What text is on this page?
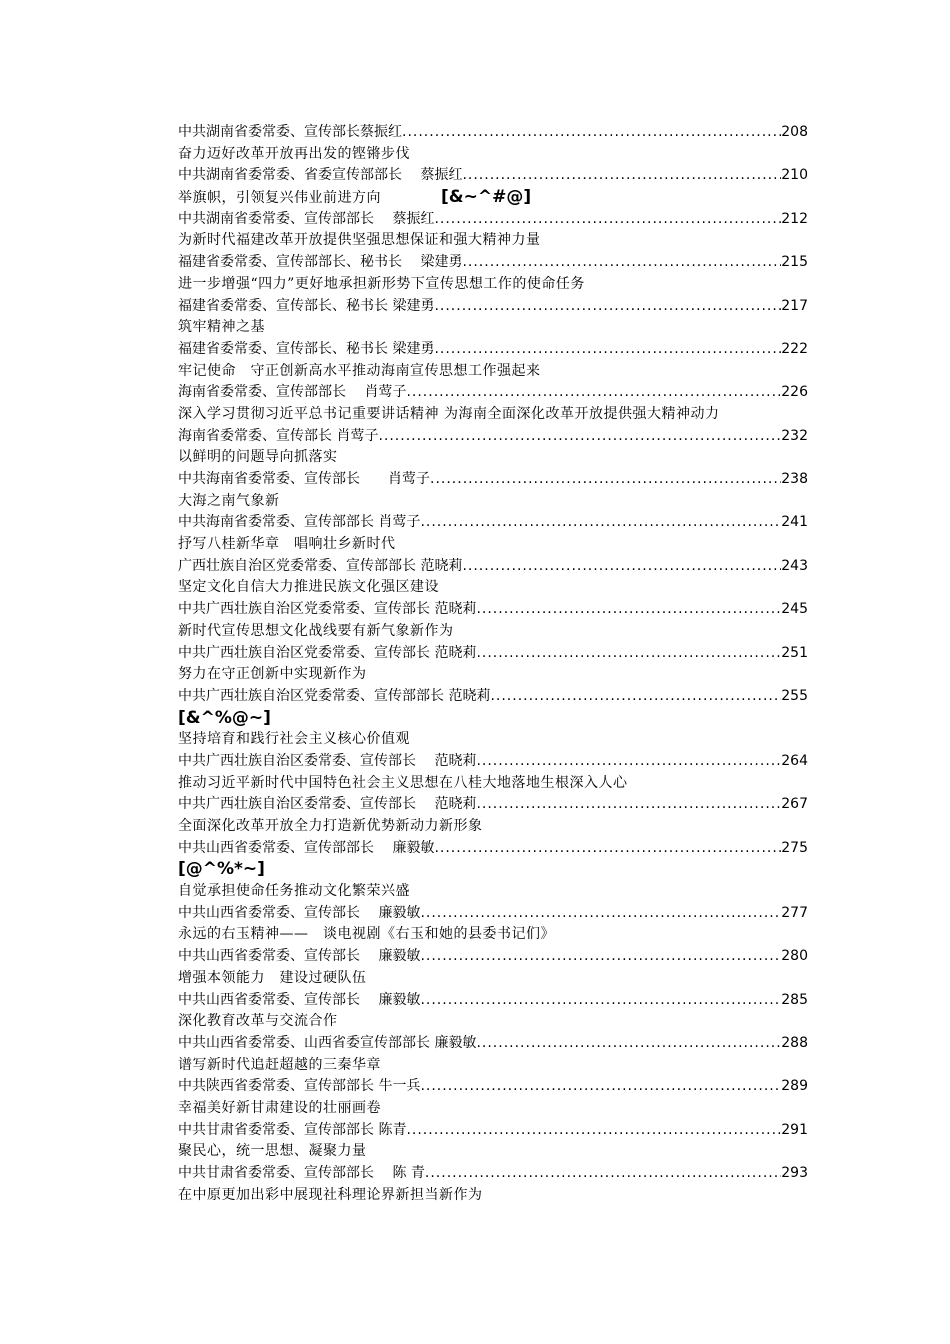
中共湖南省委常委、宣传部长蔡振红 .....	208
奋力迈好改革开放再出发的铿锵步伐
中共湖南省委常委、省委宣传部部长　 蔡振红 .....	210
举旗帜，引领复兴伟业前进方向	[&~^#@]
中共湖南省委常委、宣传部部长　 蔡振红 .....	212
为新时代福建改革开放提供坚强思想保证和强大精神力量
福建省委常委、宣传部部长、秘书长　 梁建勇 .....	215
进一步增强“四力”更好地承担新形势下宣传思想工作的使命任务
福建省委常委、宣传部长、秘书长 梁建勇 .....	217
筑牢精神之基
福建省委常委、宣传部长、秘书长 梁建勇 .....	222
牢记使命　守正创新高水平推动海南宣传思想工作强起来
海南省委常委、宣传部部长　 肖莺子 .....	226
深入学习贯彻习近平总书记重要讲话精神 为海南全面深化改革开放提供强大精神动力
海南省委常委、宣传部长 肖莺子 .....	232
以鲜明的问题导向抓落实
中共海南省委常委、宣传部长　　肖莺子 .....	238
大海之南气象新
中共海南省委常委、宣传部部长 肖莺子 .....	241
抒写八桂新华章　唱响壮乡新时代
广西壮族自治区党委常委、宣传部部长 范晓莉 .....	243
坚定文化自信大力推进民族文化强区建设
中共广西壮族自治区党委常委、宣传部长 范晓莉 .....	245
新时代宣传思想文化战线要有新气象新作为
中共广西壮族自治区党委常委、宣传部长 范晓莉 .....	251
努力在守正创新中实现新作为
中共广西壮族自治区党委常委、宣传部部长 范晓莉 .....	255
[&^%@~]
坚持培育和践行社会主义核心价值观
中共广西壮族自治区委常委、宣传部长　 范晓莉 .....	264
推动习近平新时代中国特色社会主义思想在八桂大地落地生根深入人心
中共广西壮族自治区委常委、宣传部长　 范晓莉 .....	267
全面深化改革开放全力打造新优势新动力新形象
中共山西省委常委、宣传部部长　 廉毅敏 .....	275
[@^%*~]
自觉承担使命任务推动文化繁荣兴盛
中共山西省委常委、宣传部长　 廉毅敏 .....	277
永远的右玉精神——　谈电视剧《右玉和她的县委书记们》
中共山西省委常委、宣传部长　 廉毅敏 .....	280
增强本领能力　建设过硬队伍
中共山西省委常委、宣传部长　 廉毅敏 .....	285
深化教育改革与交流合作
中共山西省委常委、山西省委宣传部部长 廉毅敏 .....	288
谱写新时代追赶超越的三秦华章
中共陕西省委常委、宣传部部长 牛一兵 .....	289
幸福美好新甘肃建设的壮丽画卷
中共甘肃省委常委、宣传部部长 陈青 .....	291
聚民心，统一思想、凝聚力量
中共甘肃省委常委、宣传部部长　 陈 青 .....	293
在中原更加出彩中展现社科理论界新担当新作为
